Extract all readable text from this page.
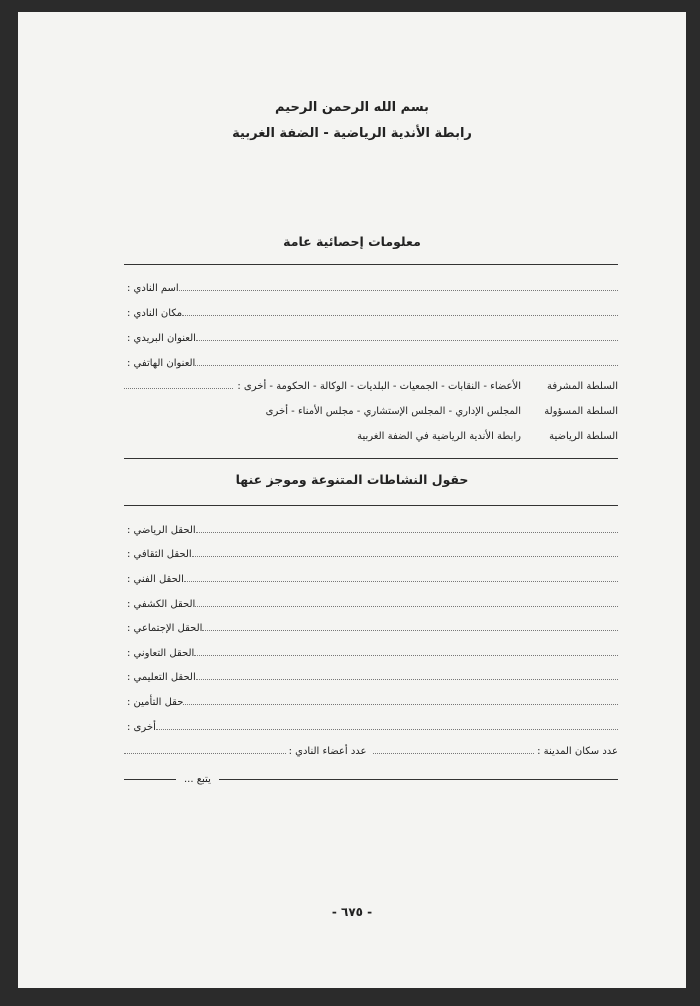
بسم الله الرحمن الرحيم
رابطة الأندية الرياضية - الضفة الغربية
معلومات إحصائية عامة
اسم النادي :
مكان النادي :
العنوان البريدي :
العنوان الهاتفي :
السلطة المشرفة
الأعضاء - النقابات - الجمعيات - البلديات - الوكالة - الحكومة - أخرى :
السلطة المسؤولة
المجلس الإداري - المجلس الإستشاري - مجلس الأمناء - أخرى
السلطة الرياضية
رابطة الأندية الرياضية في الضفة الغربية
حقول النشاطات المتنوعة وموجز عنها
الحقل الرياضي :
الحقل الثقافي :
الحقل الفني :
الحقل الكشفي :
الحقل الإجتماعي :
الحقل التعاوني :
الحقل التعليمي :
حقل التأمين :
أخرى :
عدد سكان المدينة :
عدد أعضاء النادي :
يتبع ...
- ٦٧٥ -
